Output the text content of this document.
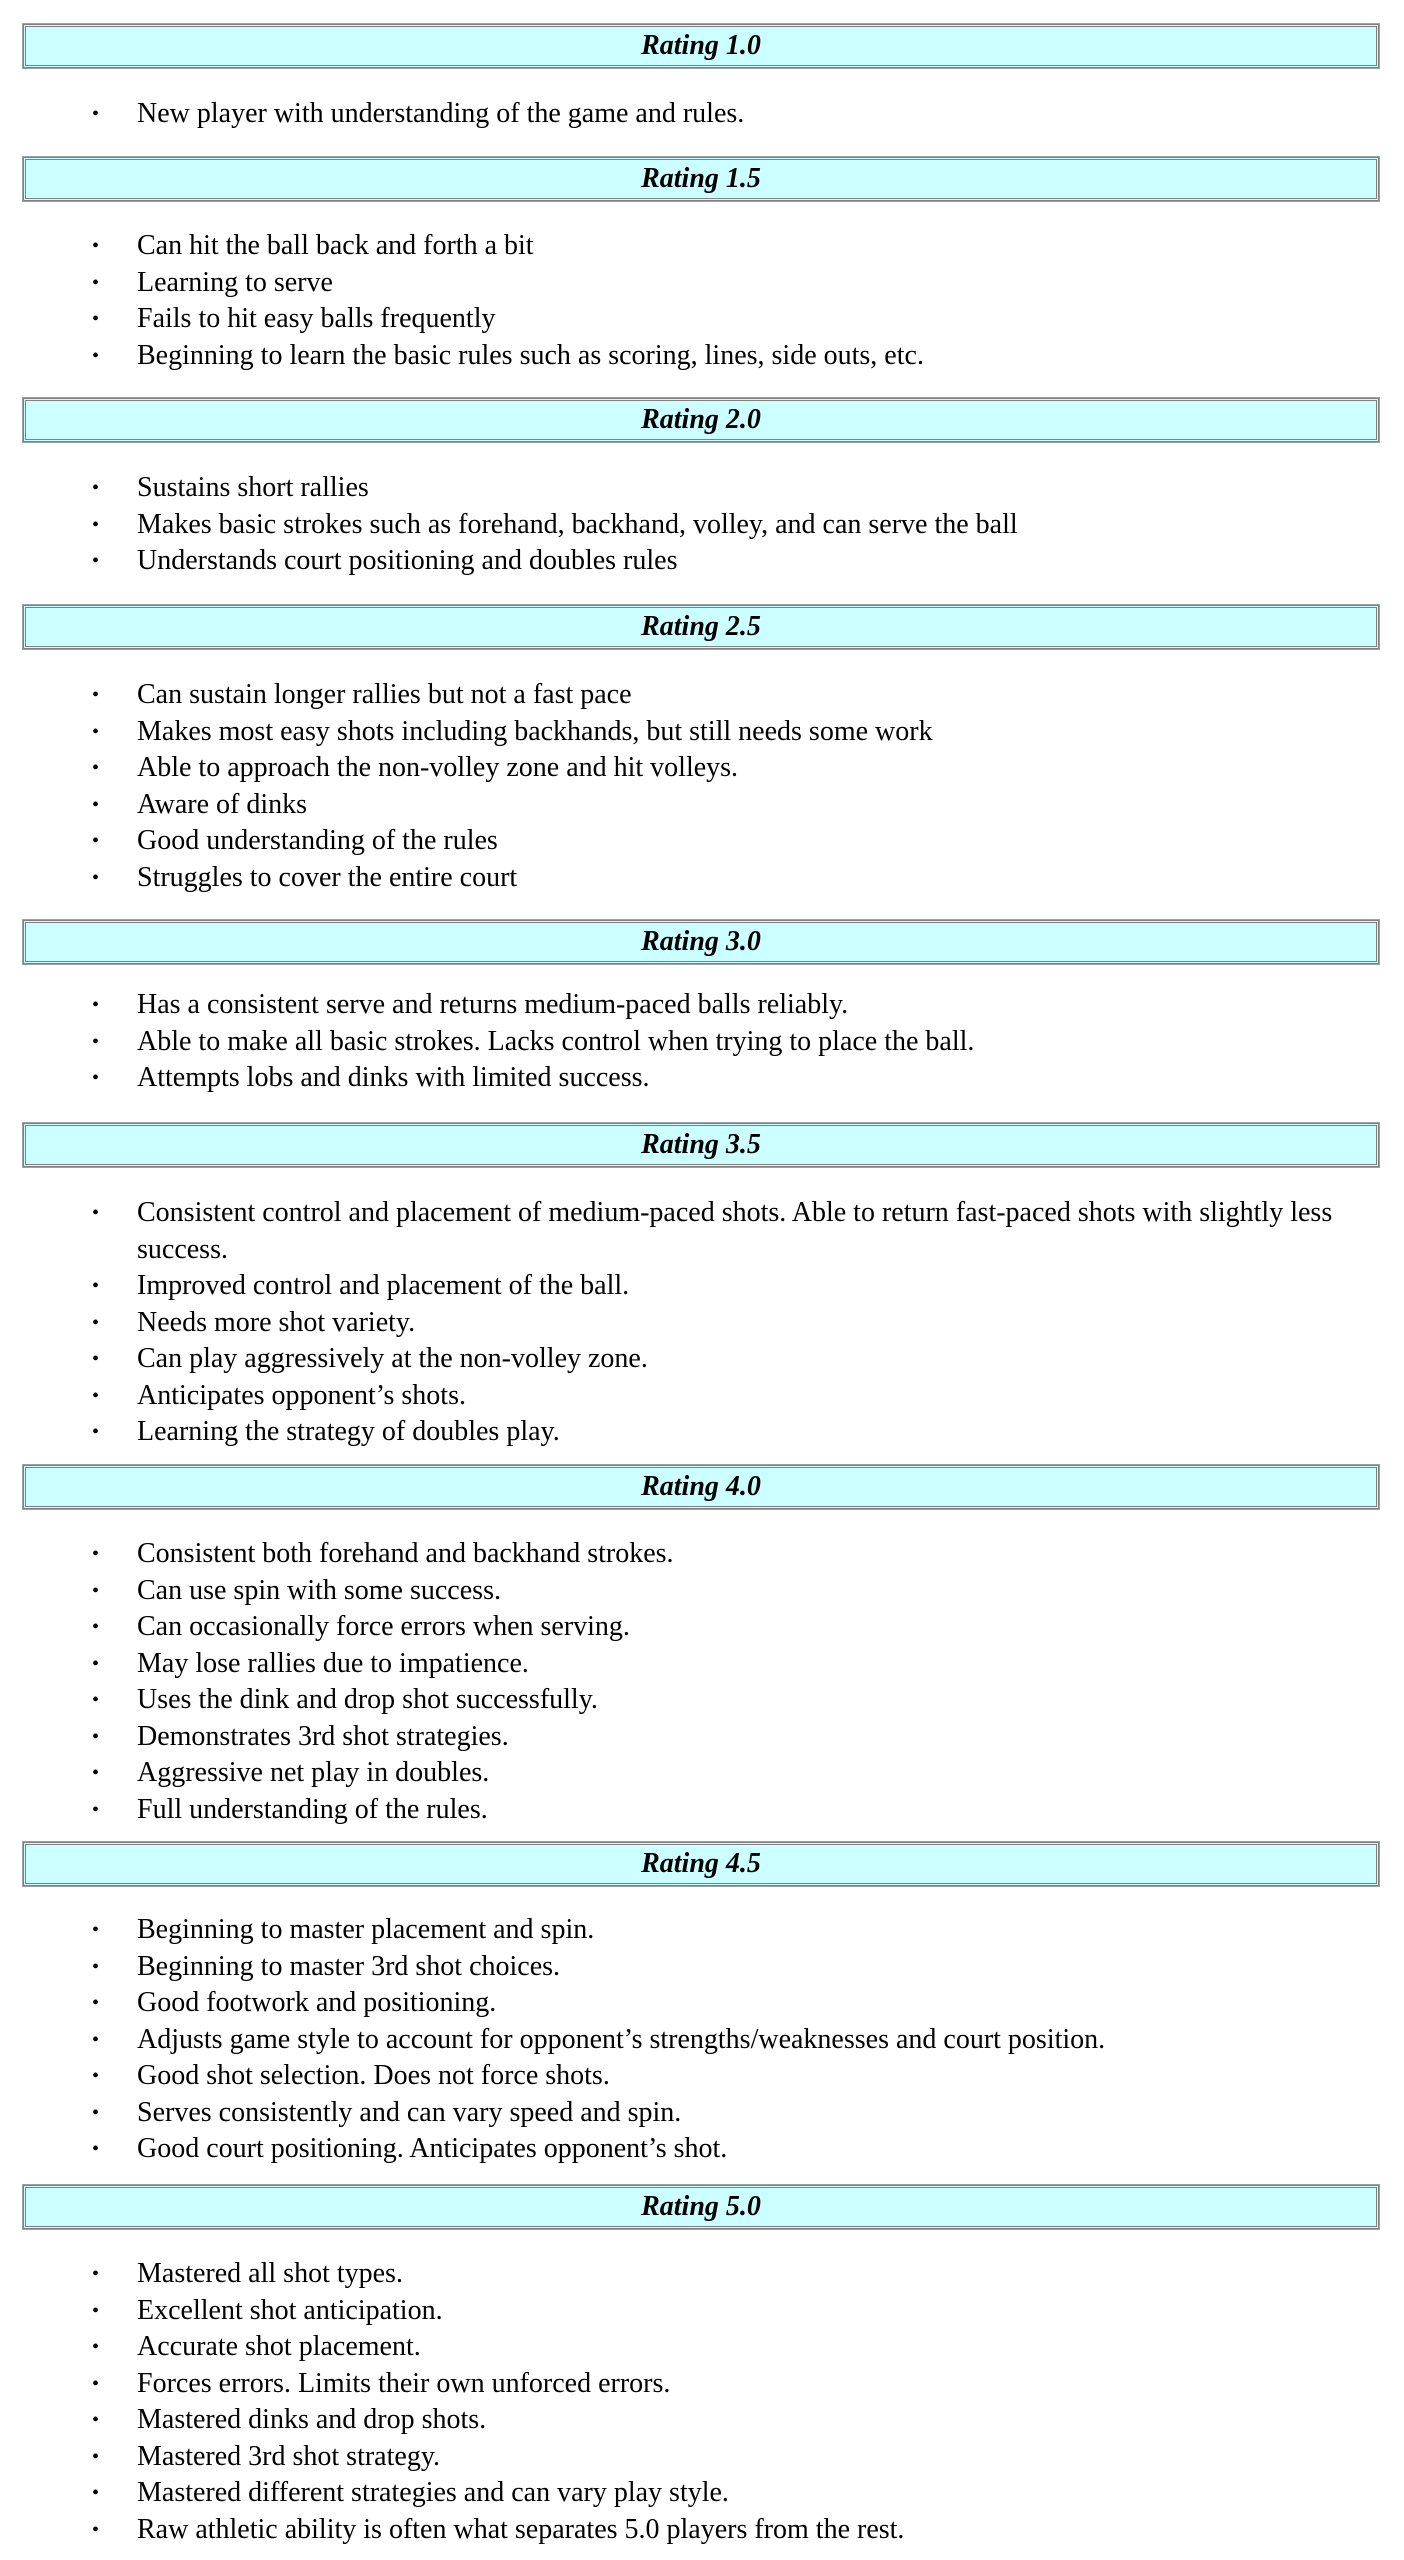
Rating 1.0
• New player with understanding of the game and rules.
Rating 1.5
• Can hit the ball back and forth a bit
• Learning to serve
• Fails to hit easy balls frequently
• Beginning to learn the basic rules such as scoring, lines, side outs, etc.
Rating 2.0
• Sustains short rallies
• Makes basic strokes such as forehand, backhand, volley, and can serve the ball
• Understands court positioning and doubles rules
Rating 2.5
• Can sustain longer rallies but not a fast pace
• Makes most easy shots including backhands, but still needs some work
• Able to approach the non-volley zone and hit volleys.
• Aware of dinks
• Good understanding of the rules
• Struggles to cover the entire court
Rating 3.0
• Has a consistent serve and returns medium-paced balls reliably.
• Able to make all basic strokes. Lacks control when trying to place the ball.
• Attempts lobs and dinks with limited success.
Rating 3.5
• Consistent control and placement of medium-paced shots. Able to return fast-paced shots with slightly less success.
• Improved control and placement of the ball.
• Needs more shot variety.
• Can play aggressively at the non-volley zone.
• Anticipates opponent’s shots.
• Learning the strategy of doubles play.
Rating 4.0
• Consistent both forehand and backhand strokes.
• Can use spin with some success.
• Can occasionally force errors when serving.
• May lose rallies due to impatience.
• Uses the dink and drop shot successfully.
• Demonstrates 3rd shot strategies.
• Aggressive net play in doubles.
• Full understanding of the rules.
Rating 4.5
• Beginning to master placement and spin.
• Beginning to master 3rd shot choices.
• Good footwork and positioning.
• Adjusts game style to account for opponent’s strengths/weaknesses and court position.
• Good shot selection. Does not force shots.
• Serves consistently and can vary speed and spin.
• Good court positioning. Anticipates opponent’s shot.
Rating 5.0
• Mastered all shot types.
• Excellent shot anticipation.
• Accurate shot placement.
• Forces errors. Limits their own unforced errors.
• Mastered dinks and drop shots.
• Mastered 3rd shot strategy.
• Mastered different strategies and can vary play style.
• Raw athletic ability is often what separates 5.0 players from the rest.
